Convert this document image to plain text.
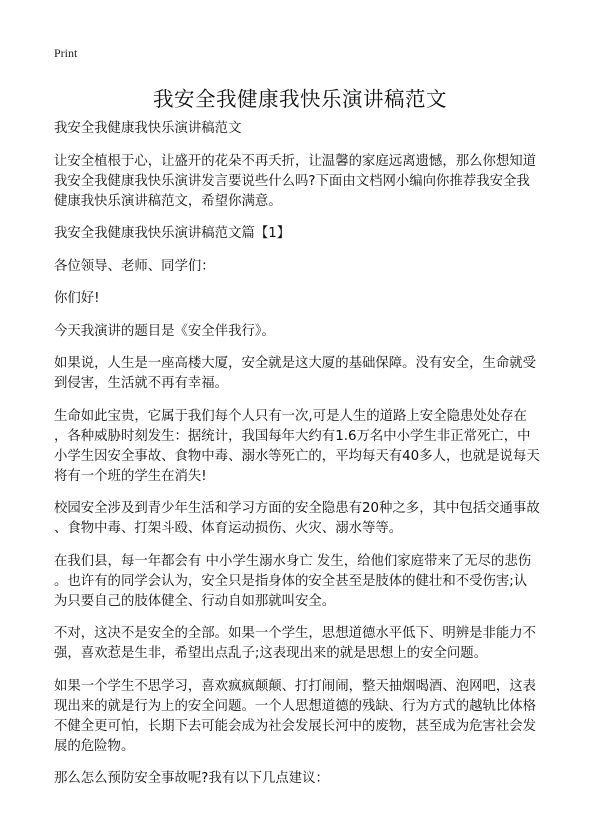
Print
我安全我健康我快乐演讲稿范文

我安全我健康我快乐演讲稿范文

让安全植根于心，让盛开的花朵不再夭折，让温馨的家庭远离遗憾，那么你想知道
我安全我健康我快乐演讲发言要说些什么吗?下面由文档网小编向你推荐我安全我
健康我快乐演讲稿范文，希望你满意。

我安全我健康我快乐演讲稿范文篇【1】

各位领导、老师、同学们：

你们好!

今天我演讲的题目是《安全伴我行》。

如果说，人生是一座高楼大厦，安全就是这大厦的基础保障。没有安全，生命就受
到侵害，生活就不再有幸福。

生命如此宝贵，它属于我们每个人只有一次,可是人生的道路上安全隐患处处存在
，各种威胁时刻发生：据统计，我国每年大约有1.6万名中小学生非正常死亡，中
小学生因安全事故、食物中毒、溺水等死亡的，平均每天有40多人，也就是说每天
将有一个班的学生在消失!

校园安全涉及到青少年生活和学习方面的安全隐患有20种之多，其中包括交通事故
、食物中毒、打架斗殴、体育运动损伤、火灾、溺水等等。

在我们县，每一年都会有 中小学生溺水身亡 发生，给他们家庭带来了无尽的悲伤
。也许有的同学会认为，安全只是指身体的安全甚至是肢体的健壮和不受伤害;认
为只要自己的肢体健全、行动自如那就叫安全。

不对，这决不是安全的全部。如果一个学生，思想道德水平低下、明辨是非能力不
强，喜欢惹是生非，希望出点乱子;这表现出来的就是思想上的安全问题。

如果一个学生不思学习，喜欢疯疯颠颠、打打闹闹，整天抽烟喝酒、泡网吧，这表
现出来的就是行为上的安全问题。一个人思想道德的残缺、行为方式的越轨比体格
不健全更可怕，长期下去可能会成为社会发展长河中的废物，甚至成为危害社会发
展的危险物。

那么怎么预防安全事故呢?我有以下几点建议：
